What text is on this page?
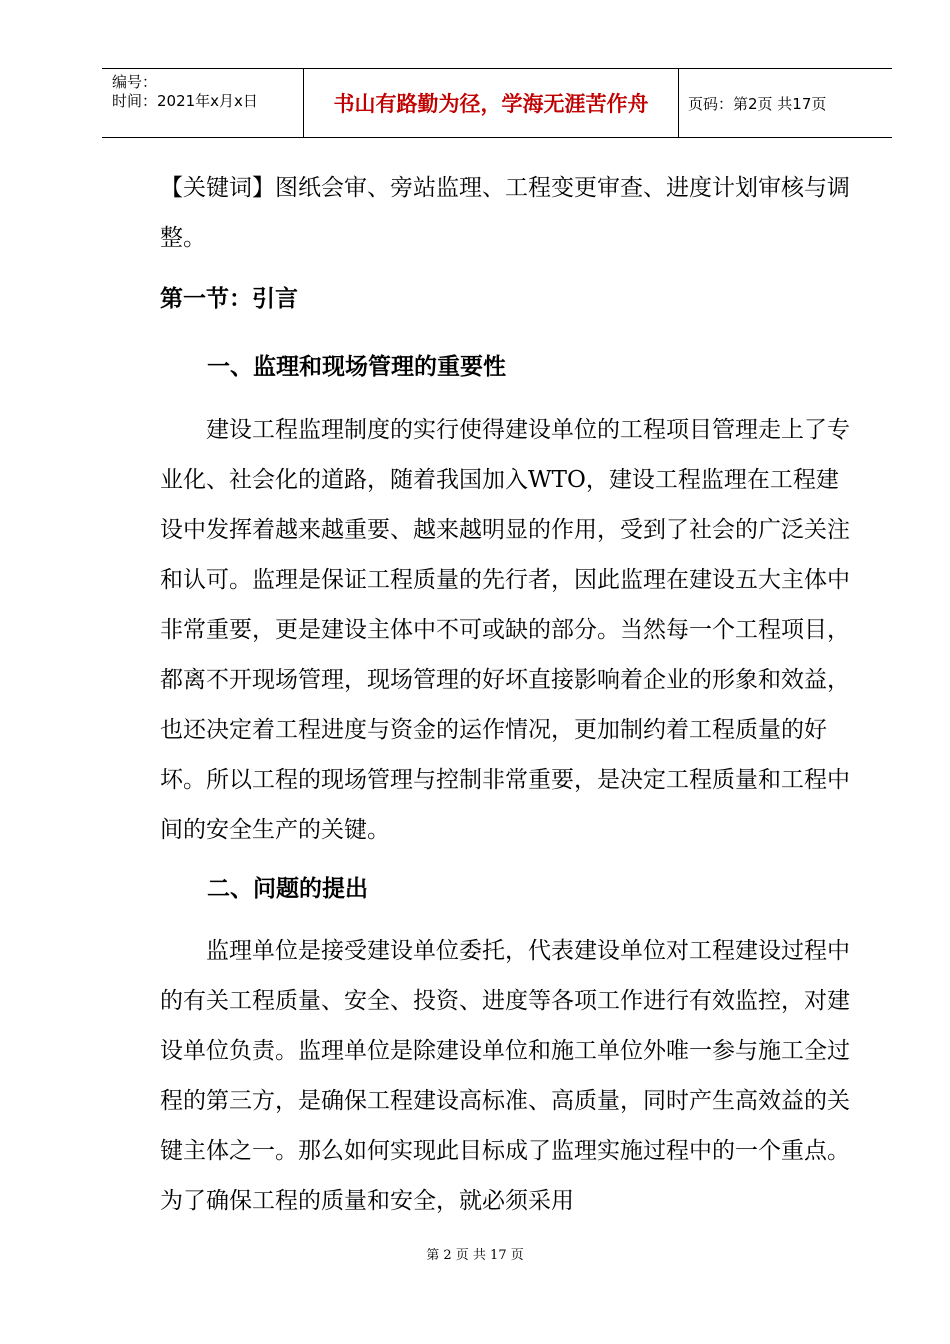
编号：
时间：2021年x月x日	书山有路勤为径，学海无涯苦作舟	页码：第2页 共17页
【关键词】图纸会审、旁站监理、工程变更审查、进度计划审核与调整。
第一节：引言
一、监理和现场管理的重要性
建设工程监理制度的实行使得建设单位的工程项目管理走上了专业化、社会化的道路，随着我国加入WTO，建设工程监理在工程建设中发挥着越来越重要、越来越明显的作用，受到了社会的广泛关注和认可。监理是保证工程质量的先行者，因此监理在建设五大主体中非常重要，更是建设主体中不可或缺的部分。当然每一个工程项目，都离不开现场管理，现场管理的好坏直接影响着企业的形象和效益，也还决定着工程进度与资金的运作情况，更加制约着工程质量的好坏。所以工程的现场管理与控制非常重要，是决定工程质量和工程中间的安全生产的关键。
二、问题的提出
监理单位是接受建设单位委托，代表建设单位对工程建设过程中的有关工程质量、安全、投资、进度等各项工作进行有效监控，对建设单位负责。监理单位是除建设单位和施工单位外唯一参与施工全过程的第三方，是确保工程建设高标准、高质量，同时产生高效益的关键主体之一。那么如何实现此目标成了监理实施过程中的一个重点。为了确保工程的质量和安全，就必须采用
第 2 页 共 17 页
